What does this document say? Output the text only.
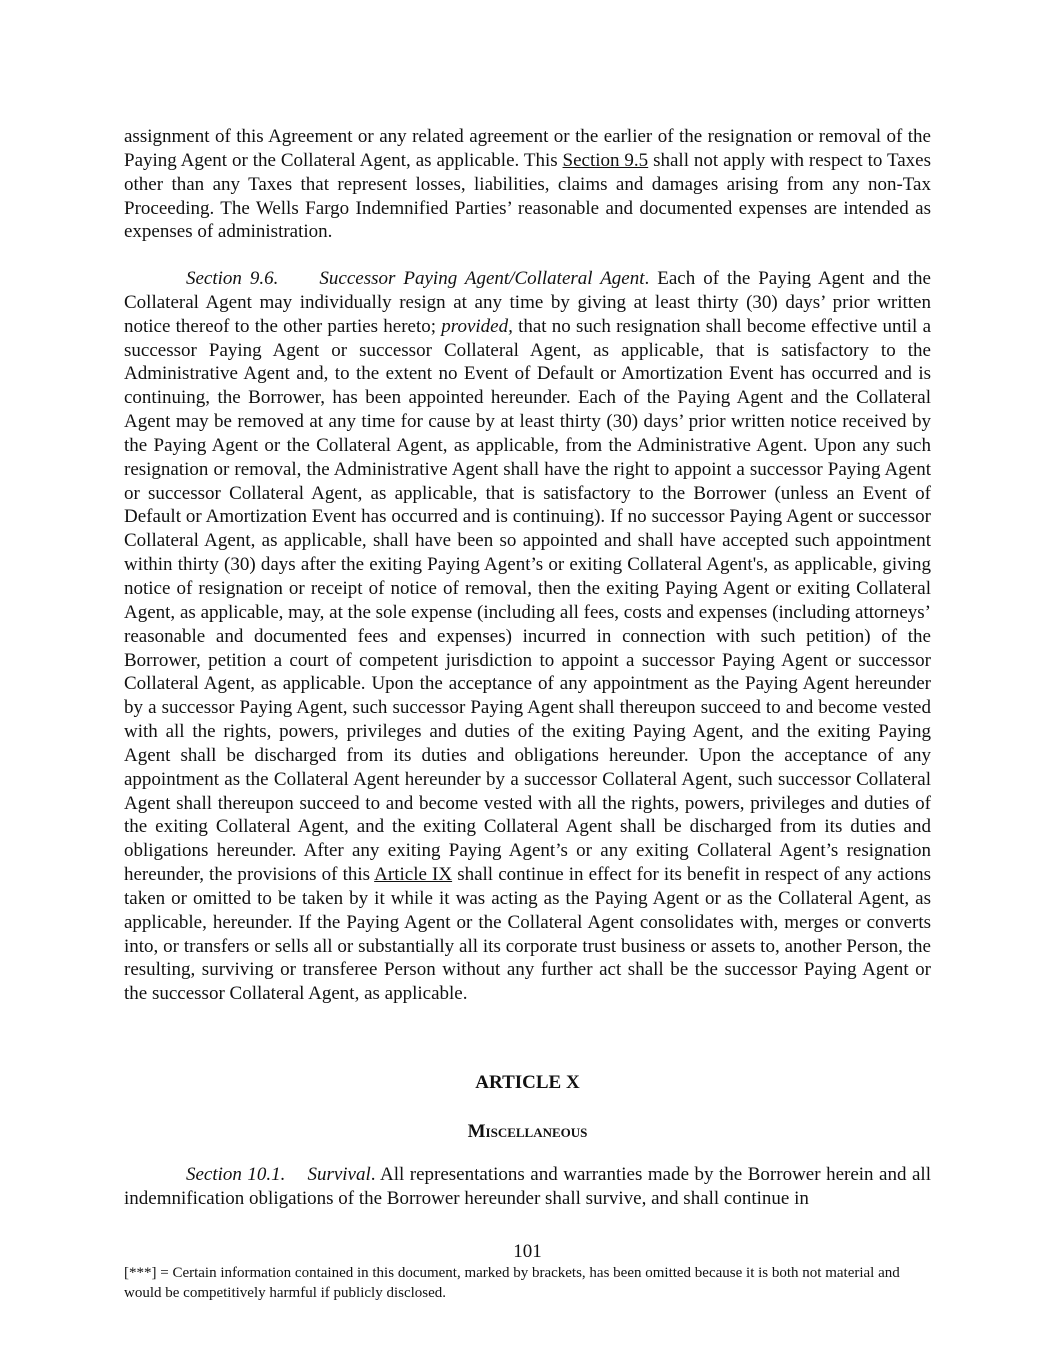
assignment of this Agreement or any related agreement or the earlier of the resignation or removal of the Paying Agent or the Collateral Agent, as applicable. This Section 9.5 shall not apply with respect to Taxes other than any Taxes that represent losses, liabilities, claims and damages arising from any non-Tax Proceeding. The Wells Fargo Indemnified Parties’ reasonable and documented expenses are intended as expenses of administration.

Section 9.6. Successor Paying Agent/Collateral Agent. Each of the Paying Agent and the Collateral Agent may individually resign at any time by giving at least thirty (30) days’ prior written notice thereof to the other parties hereto; provided, that no such resignation shall become effective until a successor Paying Agent or successor Collateral Agent, as applicable, that is satisfactory to the Administrative Agent and, to the extent no Event of Default or Amortization Event has occurred and is continuing, the Borrower, has been appointed hereunder. Each of the Paying Agent and the Collateral Agent may be removed at any time for cause by at least thirty (30) days’ prior written notice received by the Paying Agent or the Collateral Agent, as applicable, from the Administrative Agent. Upon any such resignation or removal, the Administrative Agent shall have the right to appoint a successor Paying Agent or successor Collateral Agent, as applicable, that is satisfactory to the Borrower (unless an Event of Default or Amortization Event has occurred and is continuing). If no successor Paying Agent or successor Collateral Agent, as applicable, shall have been so appointed and shall have accepted such appointment within thirty (30) days after the exiting Paying Agent’s or exiting Collateral Agent's, as applicable, giving notice of resignation or receipt of notice of removal, then the exiting Paying Agent or exiting Collateral Agent, as applicable, may, at the sole expense (including all fees, costs and expenses (including attorneys’ reasonable and documented fees and expenses) incurred in connection with such petition) of the Borrower, petition a court of competent jurisdiction to appoint a successor Paying Agent or successor Collateral Agent, as applicable. Upon the acceptance of any appointment as the Paying Agent hereunder by a successor Paying Agent, such successor Paying Agent shall thereupon succeed to and become vested with all the rights, powers, privileges and duties of the exiting Paying Agent, and the exiting Paying Agent shall be discharged from its duties and obligations hereunder. Upon the acceptance of any appointment as the Collateral Agent hereunder by a successor Collateral Agent, such successor Collateral Agent shall thereupon succeed to and become vested with all the rights, powers, privileges and duties of the exiting Collateral Agent, and the exiting Collateral Agent shall be discharged from its duties and obligations hereunder. After any exiting Paying Agent’s or any exiting Collateral Agent’s resignation hereunder, the provisions of this Article IX shall continue in effect for its benefit in respect of any actions taken or omitted to be taken by it while it was acting as the Paying Agent or as the Collateral Agent, as applicable, hereunder. If the Paying Agent or the Collateral Agent consolidates with, merges or converts into, or transfers or sells all or substantially all its corporate trust business or assets to, another Person, the resulting, surviving or transferee Person without any further act shall be the successor Paying Agent or the successor Collateral Agent, as applicable.

ARTICLE X
Miscellaneous

Section 10.1. Survival. All representations and warranties made by the Borrower herein and all indemnification obligations of the Borrower hereunder shall survive, and shall continue in

101
[***] = Certain information contained in this document, marked by brackets, has been omitted because it is both not material and would be competitively harmful if publicly disclosed.
